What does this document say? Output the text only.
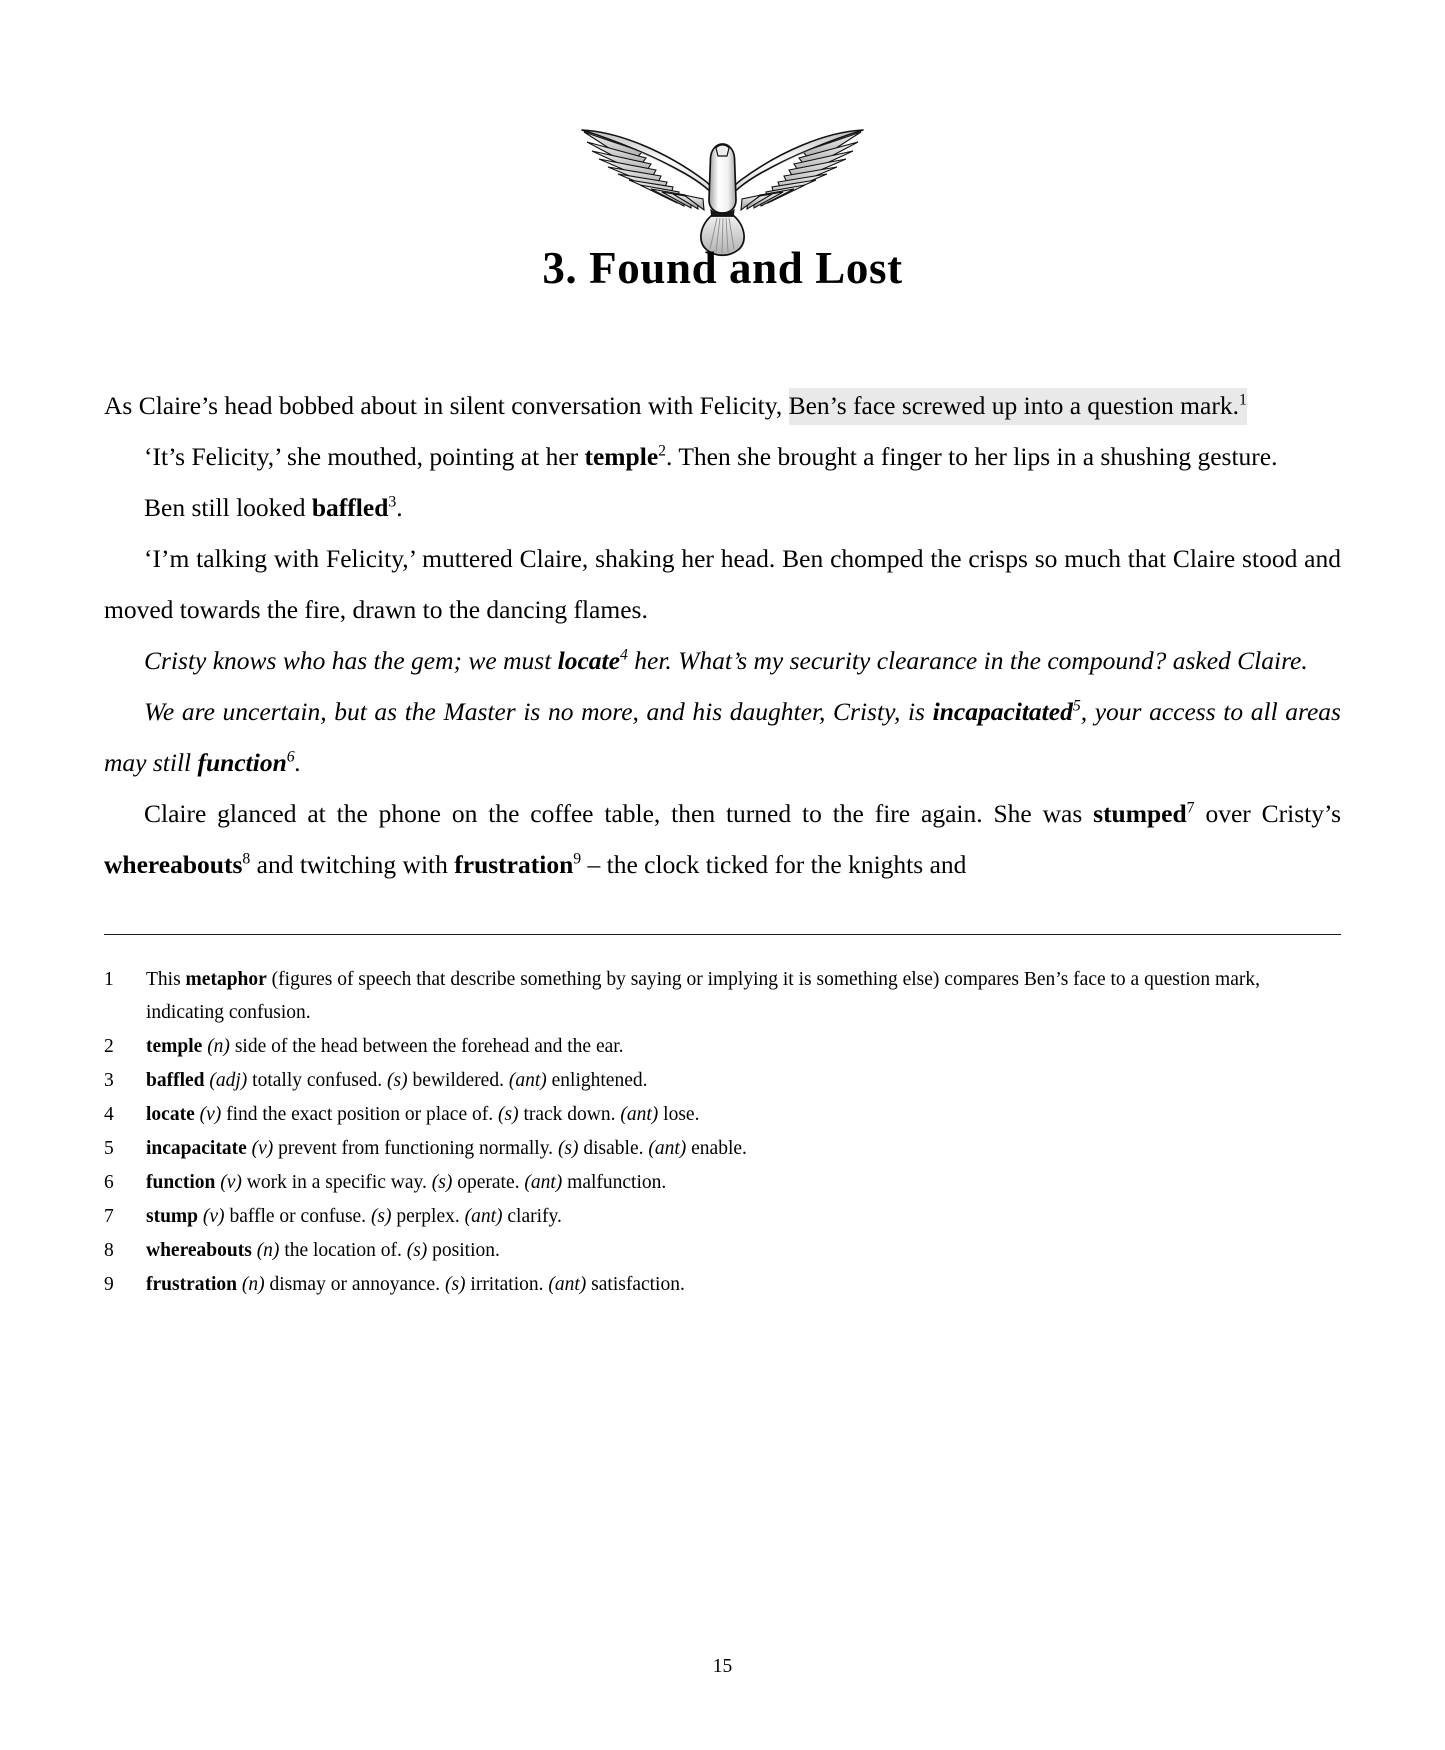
3. Found and Lost

As Claire’s head bobbed about in silent conversation with Felicity, Ben’s face screwed up into a question mark.$^1$

‘It’s Felicity,’ she mouthed, pointing at her temple$^2$. Then she brought a finger to her lips in a shushing gesture.

Ben still looked baffled$^3$.

‘I’m talking with Felicity,’ muttered Claire, shaking her head. Ben chomped the crisps so much that Claire stood and moved towards the fire, drawn to the dancing flames.

Cristy knows who has the gem; we must locate$^4$ her. What’s my security clearance in the compound? asked Claire.

We are uncertain, but as the Master is no more, and his daughter, Cristy, is incapacitated$^5$, your access to all areas may still function$^6$.

Claire glanced at the phone on the coffee table, then turned to the fire again. She was stumped$^7$ over Cristy’s whereabouts$^8$ and twitching with frustration$^9$ – the clock ticked for the knights and

1	This metaphor (figures of speech that describe something by saying or implying it is something else) compares Ben’s face to a question mark, indicating confusion.
2	temple (n) side of the head between the forehead and the ear.
3	baffled (adj) totally confused. (s) bewildered. (ant) enlightened.
4	locate (v) find the exact position or place of. (s) track down. (ant) lose.
5	incapacitate (v) prevent from functioning normally. (s) disable. (ant) enable.
6	function (v) work in a specific way. (s) operate. (ant) malfunction.
7	stump (v) baffle or confuse. (s) perplex. (ant) clarify.
8	whereabouts (n) the location of. (s) position.
9	frustration (n) dismay or annoyance. (s) irritation. (ant) satisfaction.
15
